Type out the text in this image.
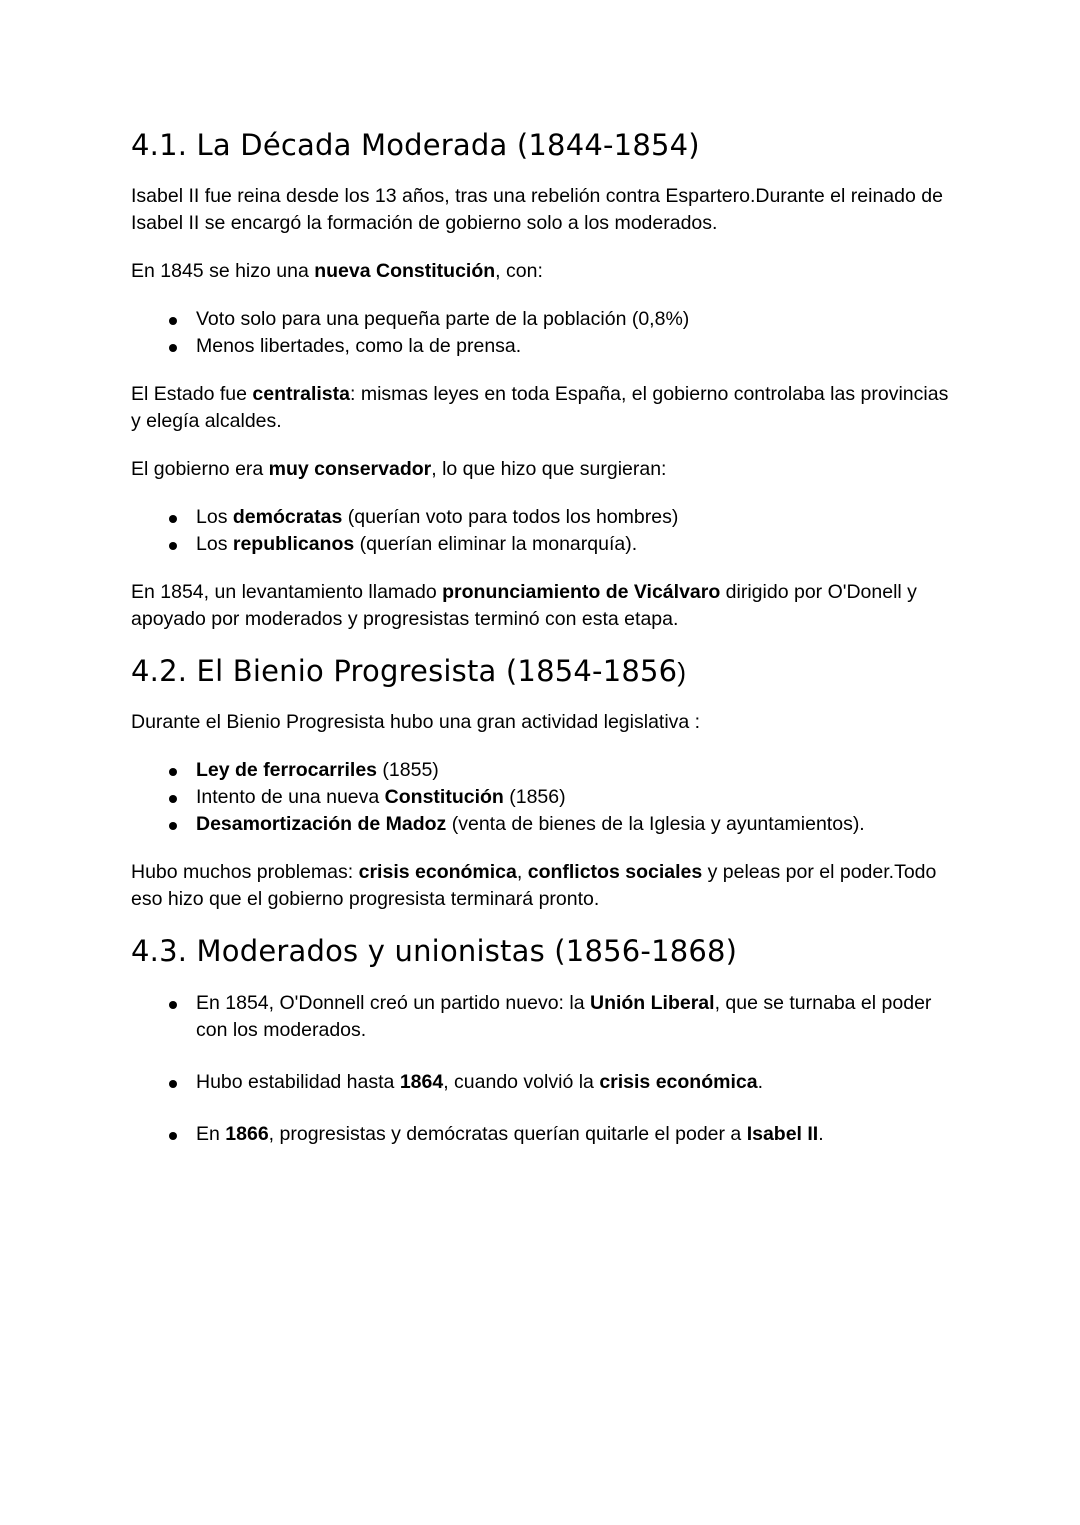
4.1. La Década Moderada (1844-1854)

Isabel II fue reina desde los 13 años, tras una rebelión contra Espartero.Durante el reinado de Isabel II se encargó la formación de gobierno solo a los moderados.

En 1845 se hizo una nueva Constitución, con:

Voto solo para una pequeña parte de la población (0,8%)
Menos libertades, como la de prensa.

El Estado fue centralista: mismas leyes en toda España, el gobierno controlaba las provincias y elegía alcaldes.

El gobierno era muy conservador, lo que hizo que surgieran:

Los demócratas (querían voto para todos los hombres)
Los republicanos (querían eliminar la monarquía).

En 1854, un levantamiento llamado pronunciamiento de Vicálvaro dirigido por O'Donell y apoyado por moderados y progresistas terminó con esta etapa.

4.2. El Bienio Progresista (1854-1856)

Durante el Bienio Progresista hubo una gran actividad legislativa :

Ley de ferrocarriles (1855)
Intento de una nueva Constitución (1856)
Desamortización de Madoz (venta de bienes de la Iglesia y ayuntamientos).

Hubo muchos problemas: crisis económica, conflictos sociales y peleas por el poder.Todo eso hizo que el gobierno progresista terminará pronto.

4.3. Moderados y unionistas (1856-1868)
En 1854, O'Donnell creó un partido nuevo: la Unión Liberal, que se turnaba el poder con los moderados.
Hubo estabilidad hasta 1864, cuando volvió la crisis económica.
En 1866, progresistas y demócratas querían quitarle el poder a Isabel II.
